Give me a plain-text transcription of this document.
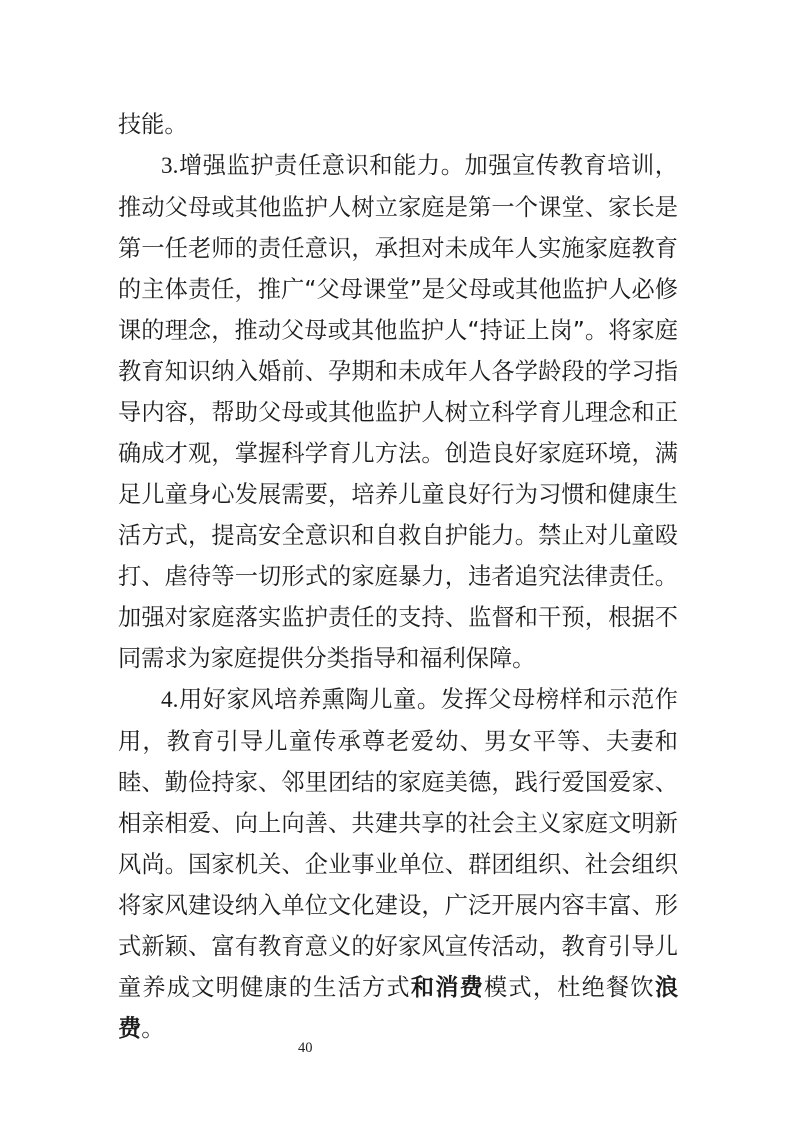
技能。

3.增强监护责任意识和能力。加强宣传教育培训，推动父母或其他监护人树立家庭是第一个课堂、家长是第一任老师的责任意识，承担对未成年人实施家庭教育的主体责任，推广“父母课堂”是父母或其他监护人必修课的理念，推动父母或其他监护人“持证上岗”。将家庭教育知识纳入婚前、孕期和未成年人各学龄段的学习指导内容，帮助父母或其他监护人树立科学育儿理念和正确成才观，掌握科学育儿方法。创造良好家庭环境，满足儿童身心发展需要，培养儿童良好行为习惯和健康生活方式，提高安全意识和自救自护能力。禁止对儿童殴打、虐待等一切形式的家庭暴力，违者追究法律责任。加强对家庭落实监护责任的支持、监督和干预，根据不同需求为家庭提供分类指导和福利保障。

4.用好家风培养熏陶儿童。发挥父母榜样和示范作用，教育引导儿童传承尊老爱幼、男女平等、夫妻和睦、勤俭持家、邻里团结的家庭美德，践行爱国爱家、相亲相爱、向上向善、共建共享的社会主义家庭文明新风尚。国家机关、企业事业单位、群团组织、社会组织将家风建设纳入单位文化建设，广泛开展内容丰富、形式新颖、富有教育意义的好家风宣传活动，教育引导儿童养成文明健康的生活方式和消费模式，杜绝餐饮浪费。

40
